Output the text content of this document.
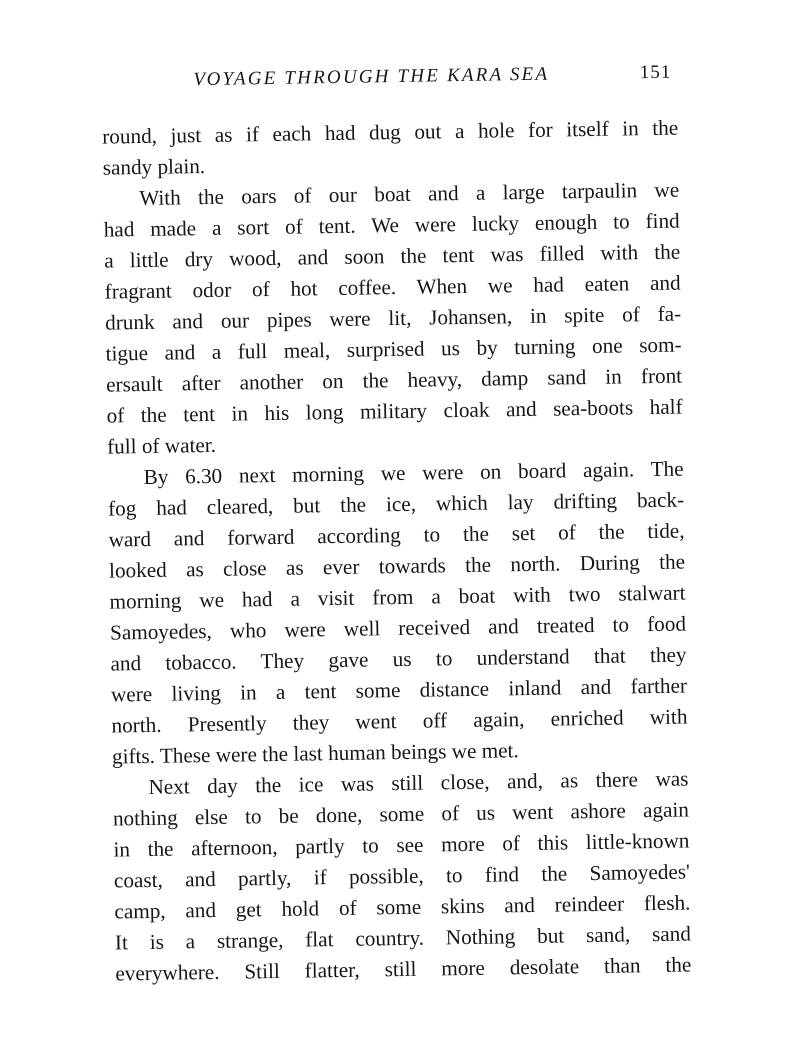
VOYAGE THROUGH THE KARA SEA	151
round, just as if each had dug out a hole for itself in the
sandy plain.
With the oars of our boat and a large tarpaulin we
had made a sort of tent. We were lucky enough to find
a little dry wood, and soon the tent was filled with the
fragrant odor of hot coffee. When we had eaten and
drunk and our pipes were lit, Johansen, in spite of fa-
tigue and a full meal, surprised us by turning one som-
ersault after another on the heavy, damp sand in front
of the tent in his long military cloak and sea-boots half
full of water.
By 6.30 next morning we were on board again. The
fog had cleared, but the ice, which lay drifting back-
ward and forward according to the set of the tide,
looked as close as ever towards the north. During the
morning we had a visit from a boat with two stalwart
Samoyedes, who were well received and treated to food
and tobacco. They gave us to understand that they
were living in a tent some distance inland and farther
north. Presently they went off again, enriched with
gifts. These were the last human beings we met.
Next day the ice was still close, and, as there was
nothing else to be done, some of us went ashore again
in the afternoon, partly to see more of this little-known
coast, and partly, if possible, to find the Samoyedes'
camp, and get hold of some skins and reindeer flesh.
It is a strange, flat country. Nothing but sand, sand
everywhere. Still flatter, still more desolate than the
